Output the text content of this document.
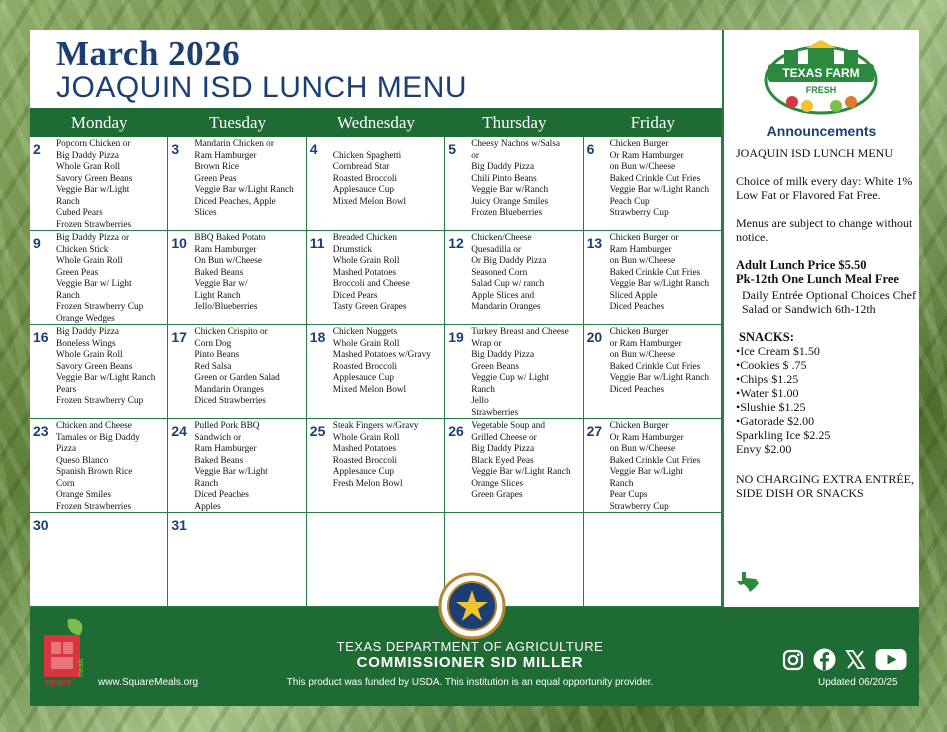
March 2026
JOAQUIN ISD LUNCH MENU
Monday	Tuesday	Wednesday	Thursday	Friday
2 Popcorn Chicken or
Big Daddy Pizza
Whole Gran Roll
Savory Green Beans
Veggie Bar w/Light
Ranch
Cubed Pears
Frozen Strawberries
3 Mandarin Chicken or
Ram Hamburger
Brown Rice
Green Peas
Veggie Bar w/Light Ranch
Diced Peaches, Apple
Slices
4
Chicken Spaghetti
Cornbread Star
Roasted Broccoli
Applesauce Cup
Mixed Melon Bowl
5 Cheesy Nachos w/Salsa
or
Big Daddy Pizza
Chili Pinto Beans
Veggie Bar w/Ranch
Juicy Orange Smiles
Frozen Blueberries
6 Chicken Burger
Or Ram Hamburger
on Bun w/Cheese
Baked Crinkle Cut Fries
Veggie Bar w/Light Ranch
Peach Cup
Strawberry Cup
9 Big Daddy Pizza or
Chicken Stick
Whole Grain Roll
Green Peas
Veggie Bar w/ Light
Ranch
Frozen Strawberry Cup
Orange Wedges
10 BBQ Baked Potato
Ram Hamburger
On Bun w/Cheese
Baked Beans
Veggie Bar w/
Light Ranch
Jello/Blueberries
11 Breaded Chicken
Drumstick
Whole Grain Roll
Mashed Potatoes
Broccoli and Cheese
Diced Pears
Tasty Green Grapes
12 Chicken/Cheese
Quesadilla or
Or Big Daddy Pizza
Seasoned Corn
Salad Cup w/ ranch
Apple Slices and
Mandarin Oranges
13 Chicken Burger or
Ram Hamburger
on Bun w/Cheese
Baked Crinkle Cut Fries
Veggie Bar w/Light Ranch
Sliced Apple
Diced Peaches
16 Big Daddy Pizza
Boneless Wings
Whole Grain Roll
Savory Green Beans
Veggie Bar w/Light Ranch
Pears
Frozen Strawberry Cup
17 Chicken Crispito or
Corn Dog
Pinto Beans
Red Salsa
Green or Garden Salad
Mandarin Oranges
Diced Strawberries
18 Chicken Nuggets
Whole Grain Roll
Mashed Potatoes w/Gravy
Roasted Broccoli
Applesauce Cup
Mixed Melon Bowl
19 Turkey Breast and Cheese
Wrap or
Big Daddy Pizza
Green Beans
Veggie Cup w/ Light
Ranch
Jello
Strawberries
20 Chicken Burger
or Ram Hamburger
on Bun w/Cheese
Baked Crinkle Cut Fries
Veggie Bar w/Light Ranch
Diced Peaches
23 Chicken and Cheese
Tamales or Big Daddy
Pizza
Queso Blanco
Spanish Brown Rice
Corn
Orange Smiles
Frozen Strawberries
24 Pulled Pork BBQ
Sandwich or
Ram Hamburger
Baked Beans
Veggie Bar w/Light
Ranch
Diced Peaches
Apples
25 Steak Fingers w/Gravy
Whole Grain Roll
Mashed Potatoes
Roasted Broccoli
Applesauce Cup
Fresh Melon Bowl
26 Vegetable Soup and
Grilled Cheese or
Big Daddy Pizza
Black Eyed Peas
Veggie Bar w/Light Ranch
Orange Slices
Green Grapes
27 Chicken Burger
Or Ram Hamburger
on Bun w/Cheese
Baked Crinkle Cut Fries
Veggie Bar w/Light
Ranch
Pear Cups
Strawberry Cup
30	31
TEXAS FARM
FRESH
Announcements

JOAQUIN ISD LUNCH MENU

Choice of milk every day: White 1% Low Fat or Flavored Fat Free.

Menus are subject to change without notice.

Adult Lunch Price $5.50
Pk-12th One Lunch Meal Free

Daily Entrée Optional Choices Chef Salad or Sandwich 6th-12th

SNACKS:
•Ice Cream $1.50
•Cookies $ .75
•Chips $1.25
•Water $1.00
•Slushie $1.25
•Gatorade $2.00
Sparkling Ice $2.25
Envy $2.00

NO CHARGING EXTRA ENTRÉE, SIDE DISH OR SNACKS

square
meals
www.SquareMeals.org
TEXAS DEPARTMENT OF AGRICULTURE
COMMISSIONER SID MILLER
This product was funded by USDA. This institution is an equal opportunity provider.	Updated 06/20/25
